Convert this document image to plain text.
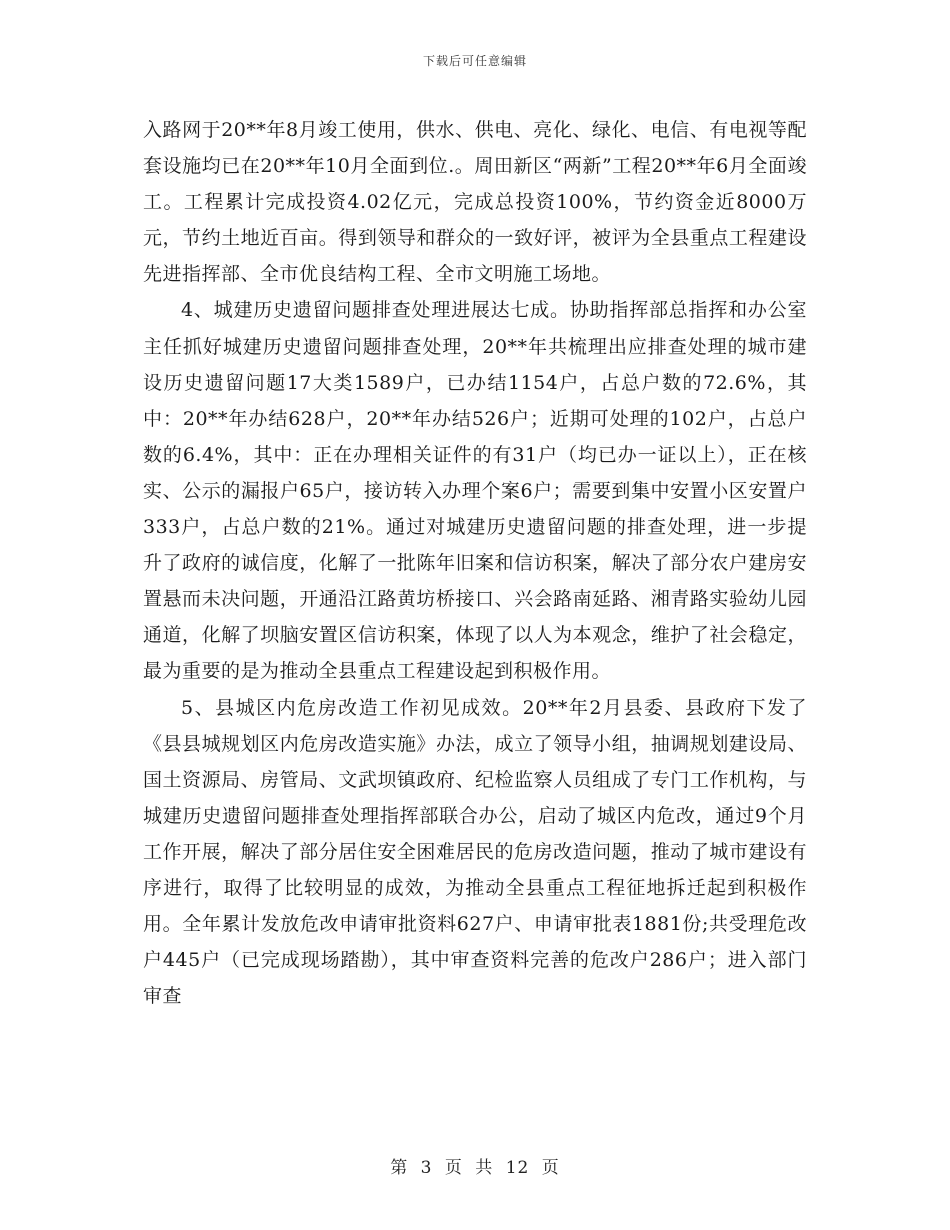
下载后可任意编辑

入路网于20**年8月竣工使用，供水、供电、亮化、绿化、电信、有电视等配套设施均已在20**年10月全面到位.。周田新区“两新”工程20**年6月全面竣工。工程累计完成投资4.02亿元，完成总投资100%，节约资金近8000万元，节约土地近百亩。得到领导和群众的一致好评，被评为全县重点工程建设先进指挥部、全市优良结构工程、全市文明施工场地。

4、城建历史遗留问题排查处理进展达七成。协助指挥部总指挥和办公室主任抓好城建历史遗留问题排查处理，20**年共梳理出应排查处理的城市建设历史遗留问题17大类1589户，已办结1154户，占总户数的72.6%，其中：20**年办结628户，20**年办结526户；近期可处理的102户，占总户数的6.4%，其中：正在办理相关证件的有31户（均已办一证以上），正在核实、公示的漏报户65户，接访转入办理个案6户；需要到集中安置小区安置户333户，占总户数的21%。通过对城建历史遗留问题的排查处理，进一步提升了政府的诚信度，化解了一批陈年旧案和信访积案，解决了部分农户建房安置悬而未决问题，开通沿江路黄坊桥接口、兴会路南延路、湘青路实验幼儿园通道，化解了坝脑安置区信访积案，体现了以人为本观念，维护了社会稳定，最为重要的是为推动全县重点工程建设起到积极作用。

5、县城区内危房改造工作初见成效。20**年2月县委、县政府下发了《县县城规划区内危房改造实施》办法，成立了领导小组，抽调规划建设局、国土资源局、房管局、文武坝镇政府、纪检监察人员组成了专门工作机构，与城建历史遗留问题排查处理指挥部联合办公，启动了城区内危改，通过9个月工作开展，解决了部分居住安全困难居民的危房改造问题，推动了城市建设有序进行，取得了比较明显的成效，为推动全县重点工程征地拆迁起到积极作用。全年累计发放危改申请审批资料627户、申请审批表1881份;共受理危改户445户（已完成现场踏勘），其中审查资料完善的危改户286户；进入部门审查

第 3 页 共 12 页
